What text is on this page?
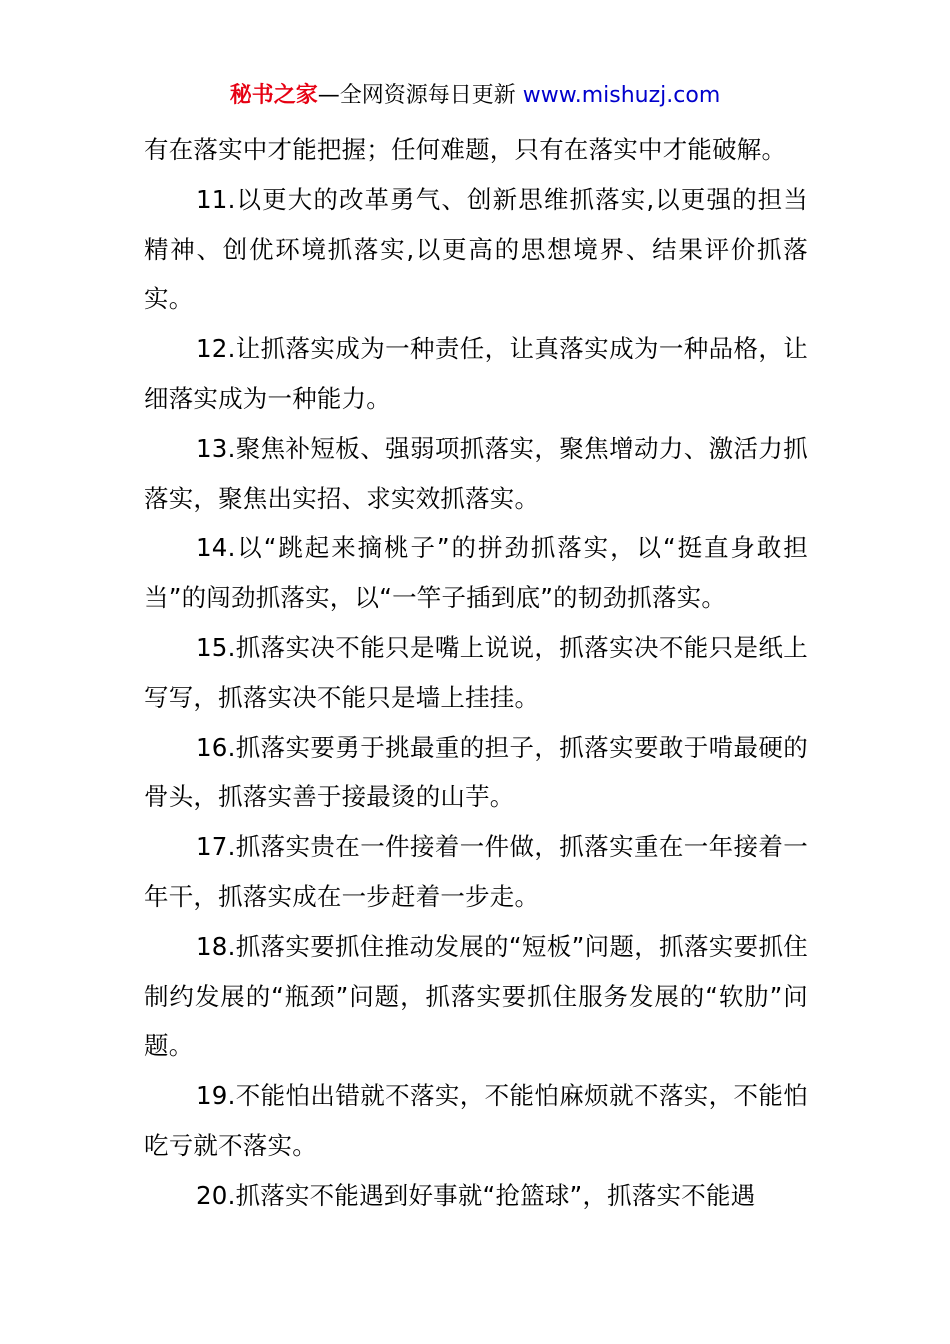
秘书之家—全网资源每日更新 www.mishuzj.com

有在落实中才能把握；任何难题，只有在落实中才能破解。

11.以更大的改革勇气、创新思维抓落实,以更强的担当精神、创优环境抓落实,以更高的思想境界、结果评价抓落实。

12.让抓落实成为一种责任，让真落实成为一种品格，让细落实成为一种能力。

13.聚焦补短板、强弱项抓落实，聚焦增动力、激活力抓落实，聚焦出实招、求实效抓落实。

14.以“跳起来摘桃子”的拼劲抓落实，以“挺直身敢担当”的闯劲抓落实，以“一竿子插到底”的韧劲抓落实。

15.抓落实决不能只是嘴上说说，抓落实决不能只是纸上写写，抓落实决不能只是墙上挂挂。

16.抓落实要勇于挑最重的担子，抓落实要敢于啃最硬的骨头，抓落实善于接最烫的山芋。

17.抓落实贵在一件接着一件做，抓落实重在一年接着一年干，抓落实成在一步赶着一步走。

18.抓落实要抓住推动发展的“短板”问题，抓落实要抓住制约发展的“瓶颈”问题，抓落实要抓住服务发展的“软肋”问题。

19.不能怕出错就不落实，不能怕麻烦就不落实，不能怕吃亏就不落实。

20.抓落实不能遇到好事就“抢篮球”，抓落实不能遇
